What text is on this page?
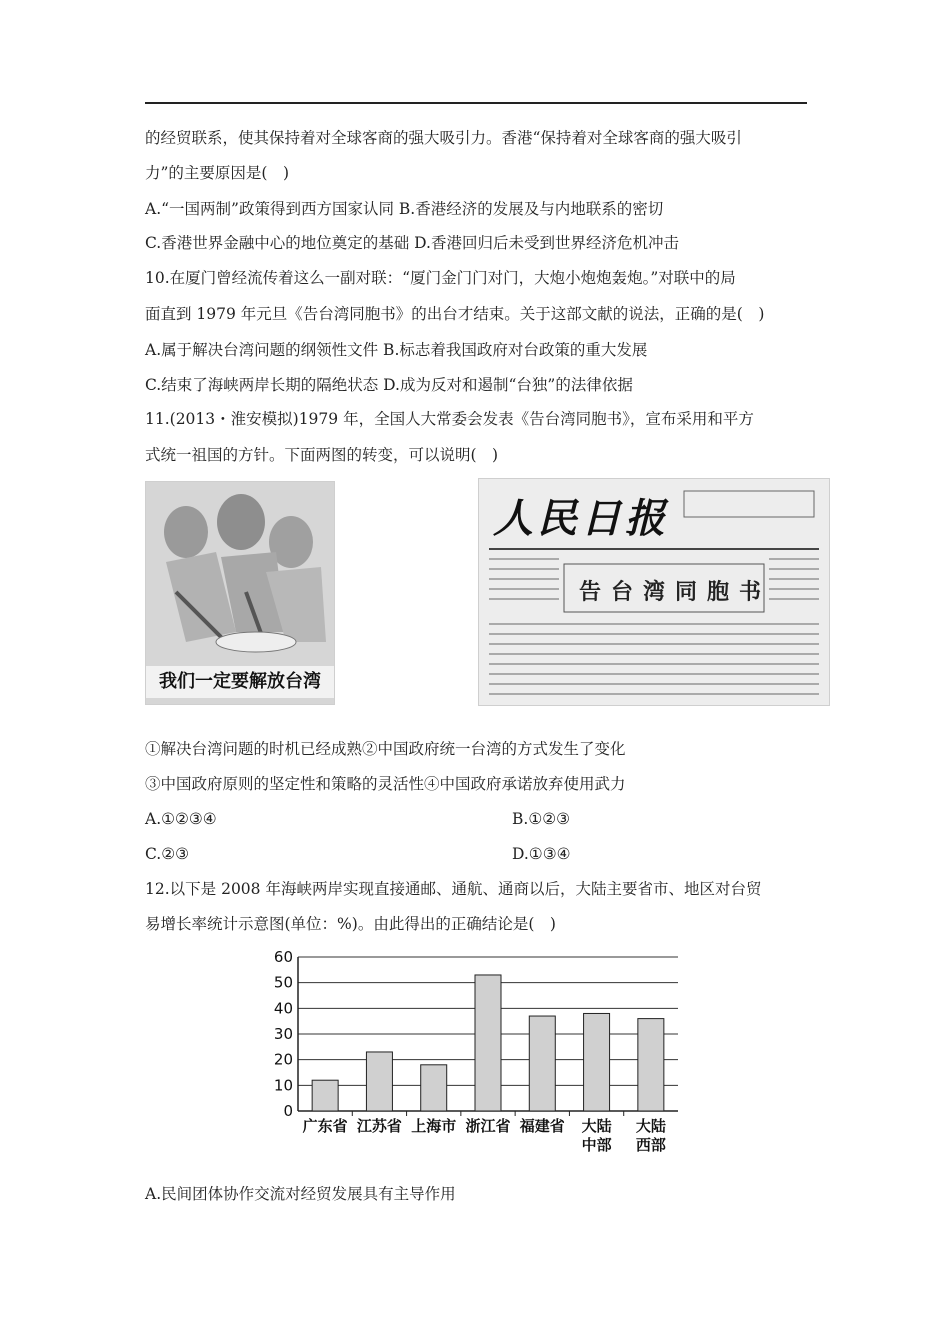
的经贸联系，使其保持着对全球客商的强大吸引力。香港“保持着对全球客商的强大吸引
力”的主要原因是(　)
A.“一国两制”政策得到西方国家认同 B.香港经济的发展及与内地联系的密切
C.香港世界金融中心的地位奠定的基础 D.香港回归后未受到世界经济危机冲击
10.在厦门曾经流传着这么一副对联：“厦门金门门对门，大炮小炮炮轰炮。”对联中的局
面直到 1979 年元旦《告台湾同胞书》的出台才结束。关于这部文献的说法，正确的是(　)
A.属于解决台湾问题的纲领性文件 B.标志着我国政府对台政策的重大发展
C.结束了海峡两岸长期的隔绝状态 D.成为反对和遏制“台独”的法律依据
11.(2013・淮安模拟)1979 年，全国人大常委会发表《告台湾同胞书》，宣布采用和平方
式统一祖国的方针。下面两图的转变，可以说明(　)
我们一定要解放台湾
人民日报
告台湾同胞书
①解决台湾问题的时机已经成熟②中国政府统一台湾的方式发生了变化
③中国政府原则的坚定性和策略的灵活性④中国政府承诺放弃使用武力
A.①②③④	B.①②③
C.②③	D.①③④
12.以下是 2008 年海峡两岸实现直接通邮、通航、通商以后，大陆主要省市、地区对台贸
易增长率统计示意图(单位：%)。由此得出的正确结论是(　)
0
10
20
30
40
50
60
广东省 江苏省 上海市 浙江省 福建省 大陆
中部
大陆
西部
A.民间团体协作交流对经贸发展具有主导作用
